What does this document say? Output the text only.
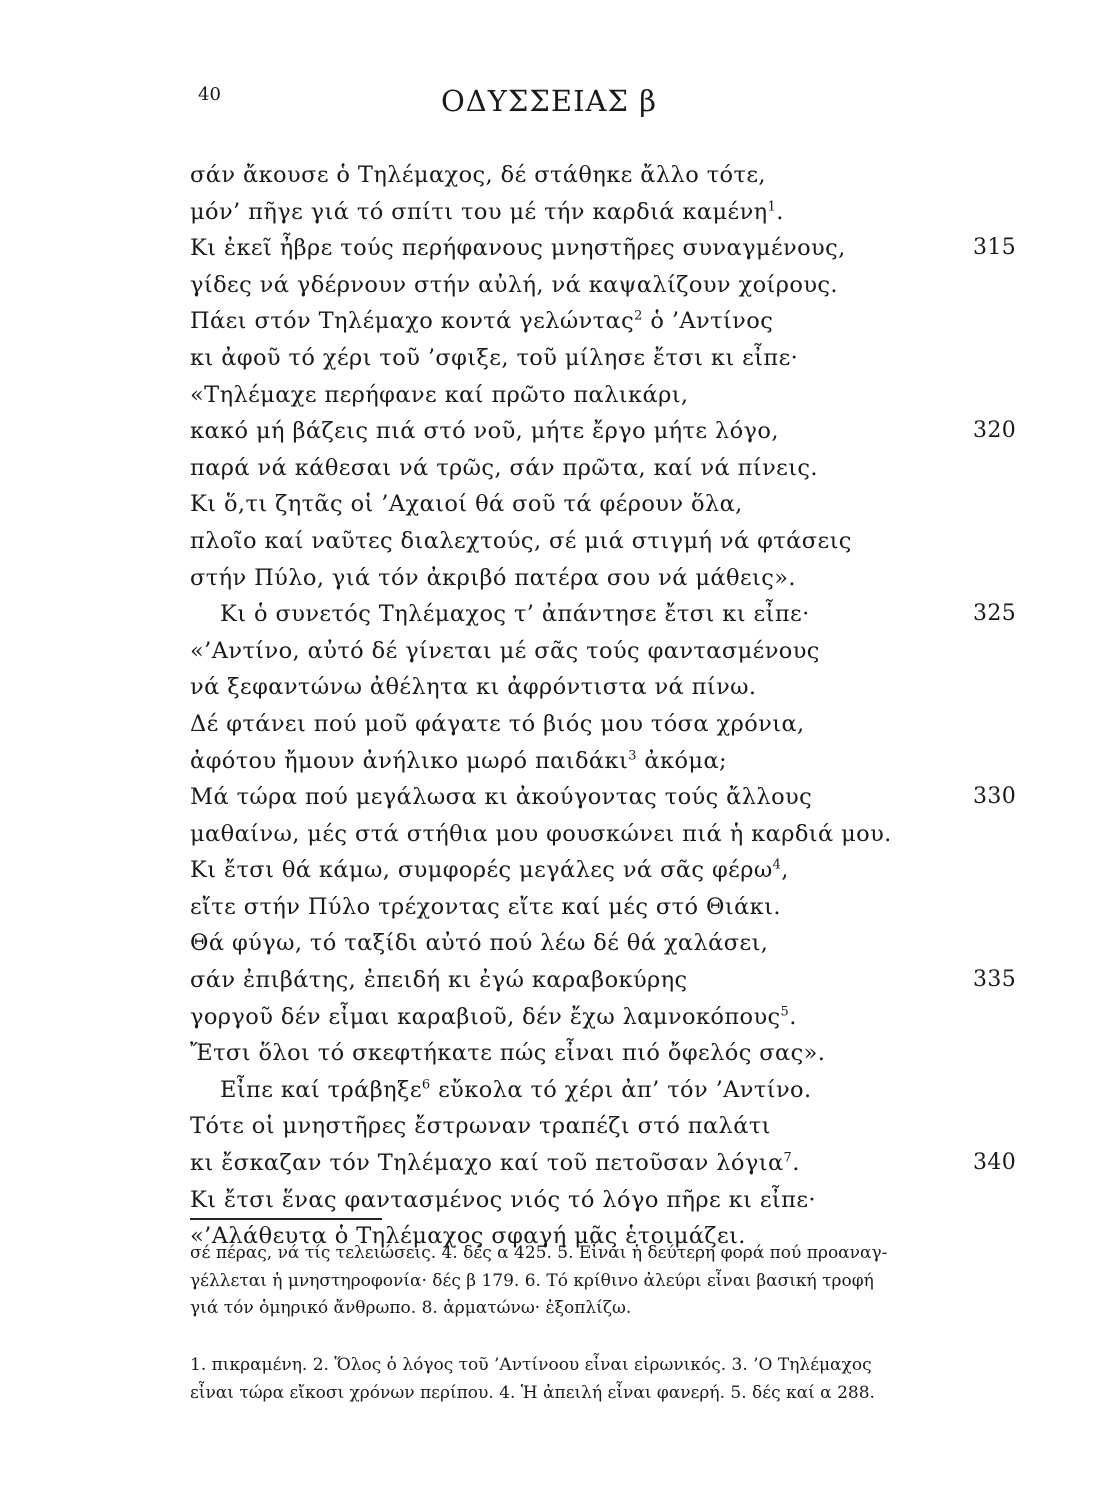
40	ΟΔΥΣΣΕΙΑΣ β
σάν ἄκουσε ὁ Τηλέμαχος, δέ στάθηκε ἄλλο τότε,
μόν’ πῆγε γιά τό σπίτι του μέ τήν καρδιά καμένη$^1$.
Κι ἐκεῖ ἦβρε τούς περήφανους μνηστῆρες συναγμένους,	315
γίδες νά γδέρνουν στήν αὐλή, νά καψαλίζουν χοίρους.
Πάει στόν Τηλέμαχο κοντά γελώντας$^2$ ὁ ’Αντίνος
κι ἀφοῦ τό χέρι τοῦ ’σφιξε, τοῦ μίλησε ἔτσι κι εἶπε·
«Τηλέμαχε περήφανε καί πρῶτο παλικάρι,
κακό μή βάζεις πιά στό νοῦ, μήτε ἔργο μήτε λόγο,	320
παρά νά κάθεσαι νά τρῶς, σάν πρῶτα, καί νά πίνεις.
Κι ὅ,τι ζητᾶς οἱ ’Αχαιοί θά σοῦ τά φέρουν ὅλα,
πλοῖο καί ναῦτες διαλεχτούς, σέ μιά στιγμή νά φτάσεις
στήν Πύλο, γιά τόν ἀκριβό πατέρα σου νά μάθεις».
Κι ὁ συνετός Τηλέμαχος τ’ ἀπάντησε ἔτσι κι εἶπε·	325
«’Αντίνο, αὐτό δέ γίνεται μέ σᾶς τούς φαντασμένους
νά ξεφαντώνω ἀθέλητα κι ἀφρόντιστα νά πίνω.
Δέ φτάνει πού μοῦ φάγατε τό βιός μου τόσα χρόνια,
ἀφότου ἤμουν ἀνήλικο μωρό παιδάκι$^3$ ἀκόμα;
Μά τώρα πού μεγάλωσα κι ἀκούγοντας τούς ἄλλους	330
μαθαίνω, μές στά στήθια μου φουσκώνει πιά ἡ καρδιά μου.
Κι ἔτσι θά κάμω, συμφορές μεγάλες νά σᾶς φέρω$^4$,
εἴτε στήν Πύλο τρέχοντας εἴτε καί μές στό Θιάκι.
Θά φύγω, τό ταξίδι αὐτό πού λέω δέ θά χαλάσει,
σάν ἐπιβάτης, ἐπειδή κι ἐγώ καραβοκύρης	335
γοργοῦ δέν εἶμαι καραβιοῦ, δέν ἔχω λαμνοκόπους$^5$.
Ἔτσι ὅλοι τό σκεφτήκατε πώς εἶναι πιό ὄφελός σας».
Εἶπε καί τράβηξε$^6$ εὔκολα τό χέρι ἀπ’ τόν ’Αντίνο.
Τότε οἱ μνηστῆρες ἔστρωναν τραπέζι στό παλάτι
κι ἔσκαζαν τόν Τηλέμαχο καί τοῦ πετοῦσαν λόγια$^7$.	340
Κι ἔτσι ἕνας φαντασμένος νιός τό λόγο πῆρε κι εἶπε·
«’Αλάθευτα ὁ Τηλέμαχος σφαγή μᾶς ἑτοιμάζει.
σέ πέρας, νά τίς τελειώσεις. 4. δές α 425. 5. Εἶναι ἡ δεύτερη φορά πού προαναγ-
γέλλεται ἡ μνηστηροφονία· δές β 179. 6. Τό κρίθινο ἀλεύρι εἶναι βασική τροφή
γιά τόν ὁμηρικό ἄνθρωπο. 8. ἁρματώνω· ἐξοπλίζω.
1. πικραμένη. 2. Ὅλος ὁ λόγος τοῦ ’Αντίνοου εἶναι εἰρωνικός. 3. ’Ο Τηλέμαχος
εἶναι τώρα εἴκοσι χρόνων περίπου. 4. Ἡ ἀπειλή εἶναι φανερή. 5. δές καί α 288.
